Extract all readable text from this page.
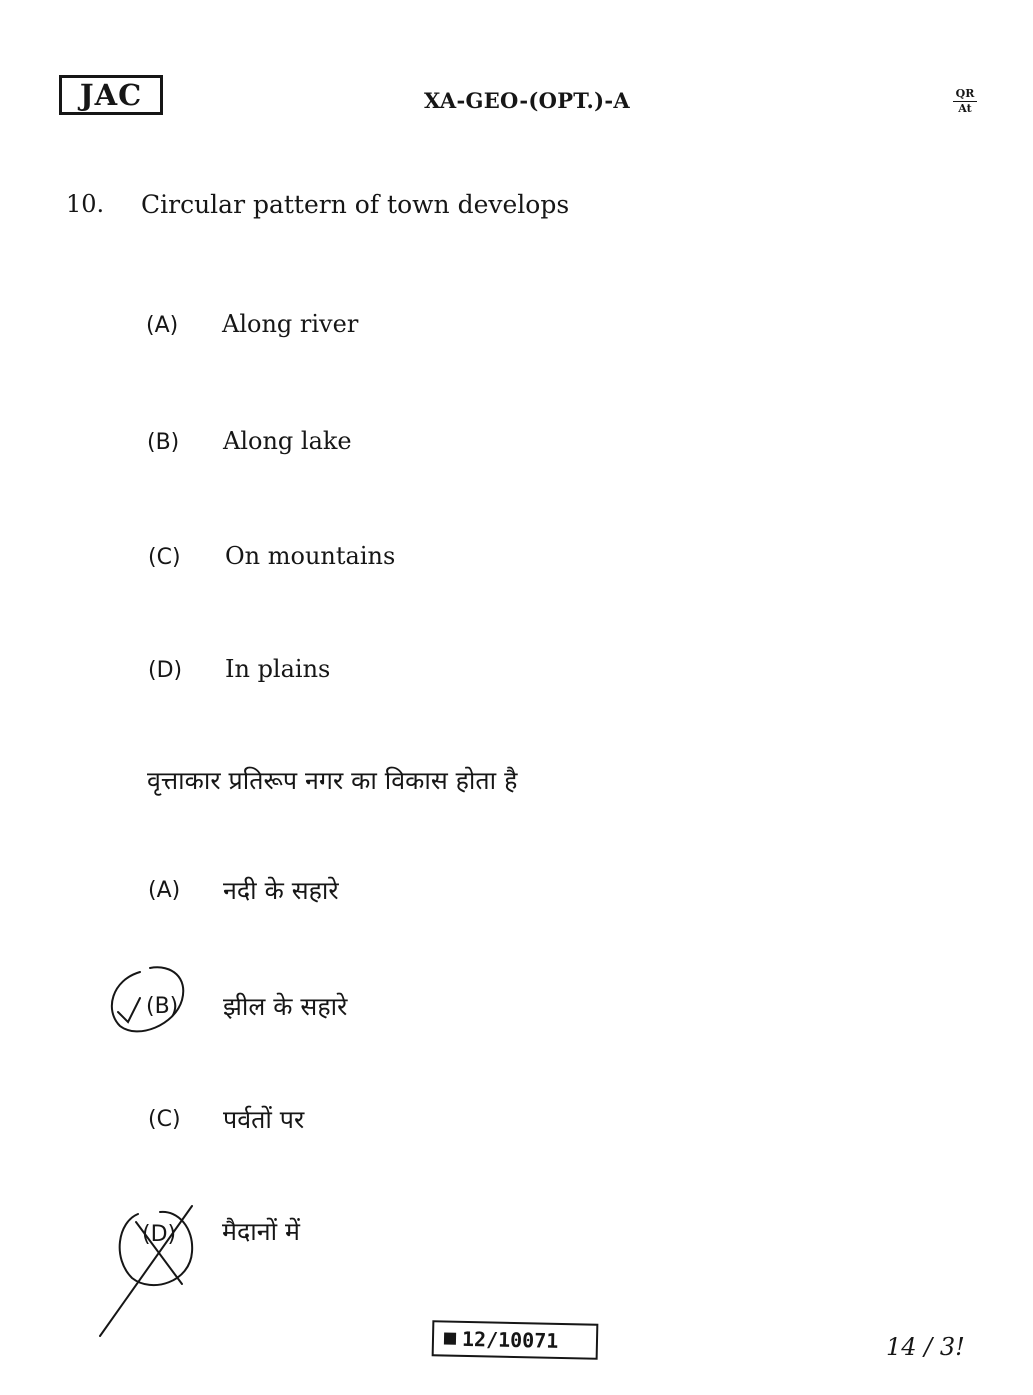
JAC	XA-GEO-(OPT.)-A	QR
At
10. Circular pattern of town develops
(A) Along river
(B) Along lake
(C) On mountains
(D) In plains
वृत्ताकार प्रतिरूप नगर का विकास होता है
(A) नदी के सहारे
(B) झील के सहारे
(C) पर्वतों पर
(D) मैदानों में
12/10071	14 / 3!
